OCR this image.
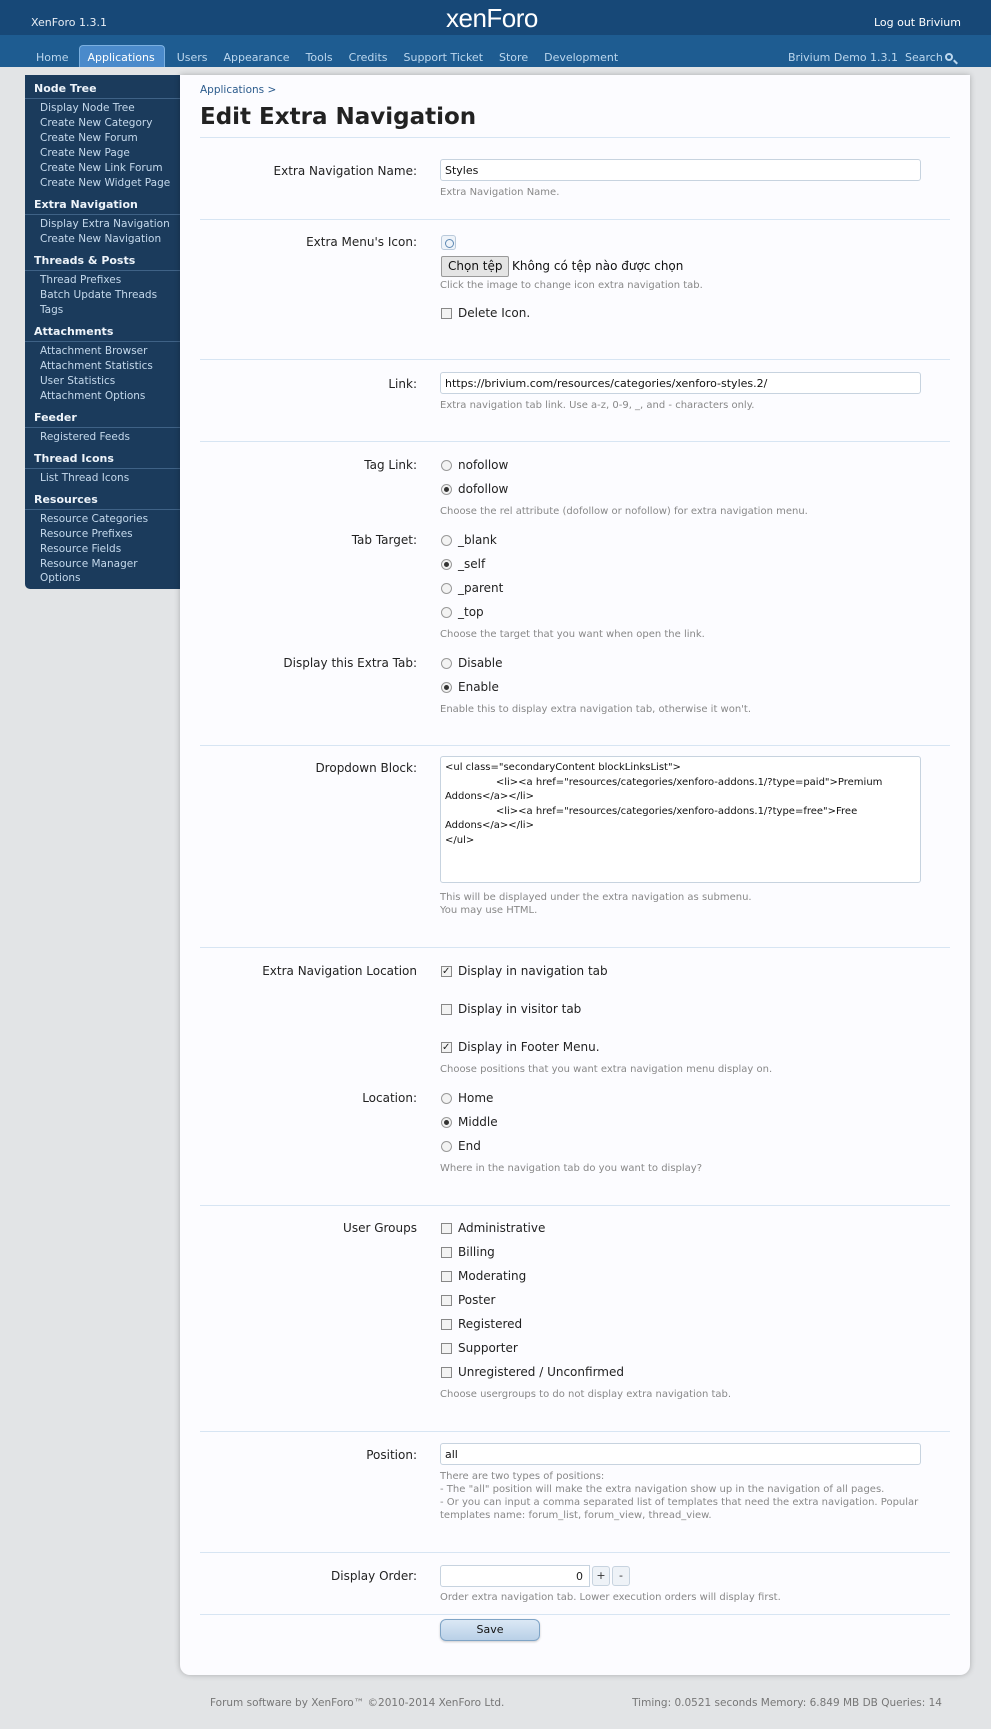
XenForo 1.3.1	xenForo	Log out Brivium
Home	Applications	Users	Appearance	Tools	Credits	Support Ticket	Store	Development	Brivium Demo 1.3.1 Search
Node Tree
Display Node Tree
Create New Category
Create New Forum
Create New Page
Create New Link Forum
Create New Widget Page
Extra Navigation
Display Extra Navigation
Create New Navigation
Threads & Posts
Thread Prefixes
Batch Update Threads
Tags
Attachments
Attachment Browser
Attachment Statistics
User Statistics
Attachment Options
Feeder
Registered Feeds
Thread Icons
List Thread Icons
Resources
Resource Categories
Resource Prefixes
Resource Fields
Resource Manager Options
Applications >
Edit Extra Navigation
Extra Navigation Name:	Styles
Extra Navigation Name.
Extra Menu's Icon:
Chọn tệp Không có tệp nào được chọn
Click the image to change icon extra navigation tab.
Delete Icon.
Link:	https://brivium.com/resources/categories/xenforo-styles.2/
Extra navigation tab link. Use a-z, 0-9, _, and - characters only.
Tag Link:	nofollow
dofollow
Choose the rel attribute (dofollow or nofollow) for extra navigation menu.
Tab Target:	_blank
_self
_parent
_top
Choose the target that you want when open the link.
Display this Extra Tab:	Disable
Enable
Enable this to display extra navigation tab, otherwise it won't.
Dropdown Block:	<ul class="secondaryContent blockLinksList">
		<li><a href="resources/categories/xenforo-addons.1/?type=paid">Premium Addons</a></li>
		<li><a href="resources/categories/xenforo-addons.1/?type=free">Free Addons</a></li>
</ul>
This will be displayed under the extra navigation as submenu.
You may use HTML.
Extra Navigation Location
✓	Display in navigation tab
Display in visitor tab
✓
Display in Footer Menu.
Choose positions that you want extra navigation menu display on.
Location:	Home
Middle
End
Where in the navigation tab do you want to display?
User Groups	Administrative
Billing
Moderating
Poster
Registered
Supporter
Unregistered / Unconfirmed
Choose usergroups to do not display extra navigation tab.
Position:	all
There are two types of positions:
- The "all" position will make the extra navigation show up in the navigation of all pages.
- Or you can input a comma separated list of templates that need the extra navigation. Popular
templates name: forum_list, forum_view, thread_view.
Display Order:	0	+	-
Order extra navigation tab. Lower execution orders will display first.
Save
Forum software by XenForo™ ©2010-2014 XenForo Ltd.	Timing: 0.0521 seconds Memory: 6.849 MB DB Queries: 14
